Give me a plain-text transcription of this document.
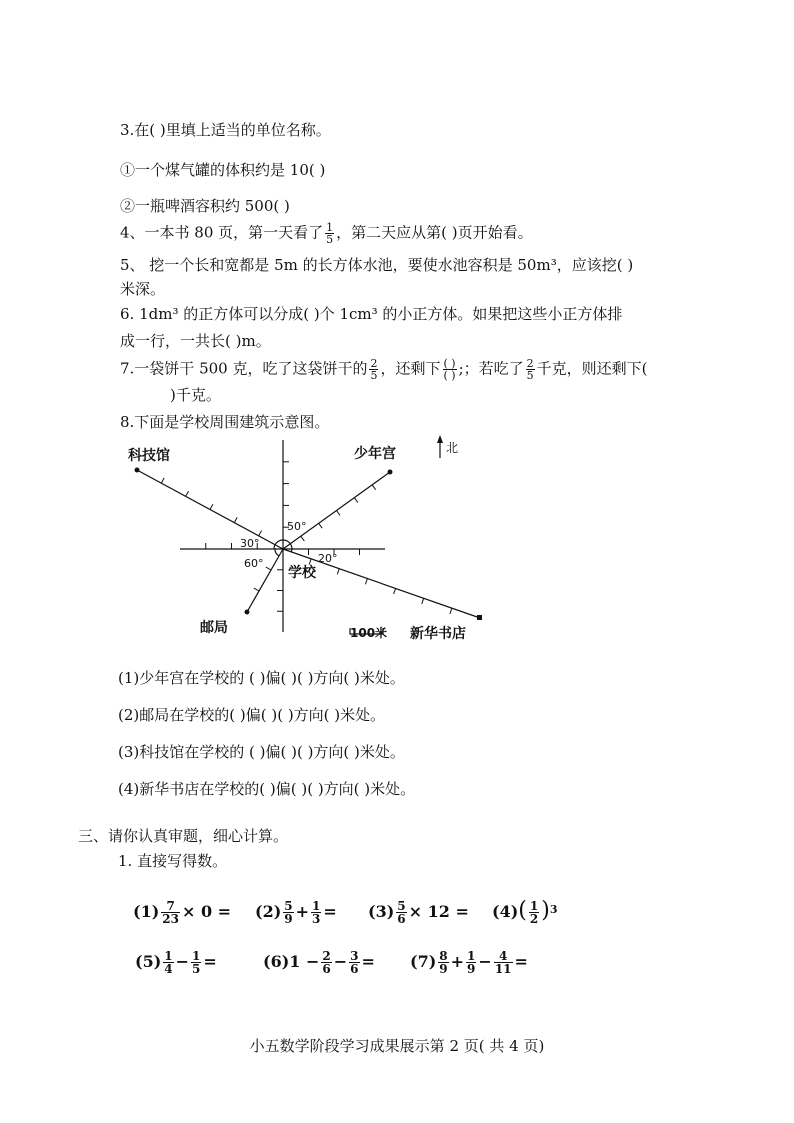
3.在( )里填上适当的单位名称。
①一个煤气罐的体积约是 10( )
②一瓶啤酒容积约 500( )
4、一本书 80 页，第一天看了 $\frac{1}{5}$ ，第二天应从第( )页开始看。
5、 挖一个长和宽都是 5m 的长方体水池，要使水池容积是 50m³，应该挖( )
米深。
6. 1dm³ 的正方体可以分成( )个 1cm³ 的小正方体。如果把这些小正方体排
成一行，一共长( )m。
7.一袋饼干 500 克，吃了这袋饼干的 $\frac{2}{5}$ ，还剩下 $\frac{( )}{( )}$ ;；若吃了 $\frac{2}{5}$ 千克，则还剩下(
)千克。
8.下面是学校周围建筑示意图。
北
科技馆	少年宫
邮局	新华书店
学校
100米
50°
30°
60°	20°
(1)少年宫在学校的 ( )偏( )( )方向( )米处。
(2)邮局在学校的( )偏( )( )方向( )米处。
(3)科技馆在学校的 ( )偏( )( )方向( )米处。
(4)新华书店在学校的( )偏( )( )方向( )米处。
三、请你认真审题，细心计算。
1. 直接写得数。
$(1) \frac{7}{23} \times 0 = (2) \frac{5}{9} + \frac{1}{3} = (3) \frac{5}{6} \times 12 = (4)( \frac{1}{2} )^3$
$(5) \frac{1}{4} - \frac{1}{5}$ =	$(6)1 - \frac{2}{6} - \frac{3}{6} = (7) \frac{8}{9} + \frac{1}{9} - \frac{4}{11}$ =
小五数学阶段学习成果展示第 2 页( 共 4 页)
